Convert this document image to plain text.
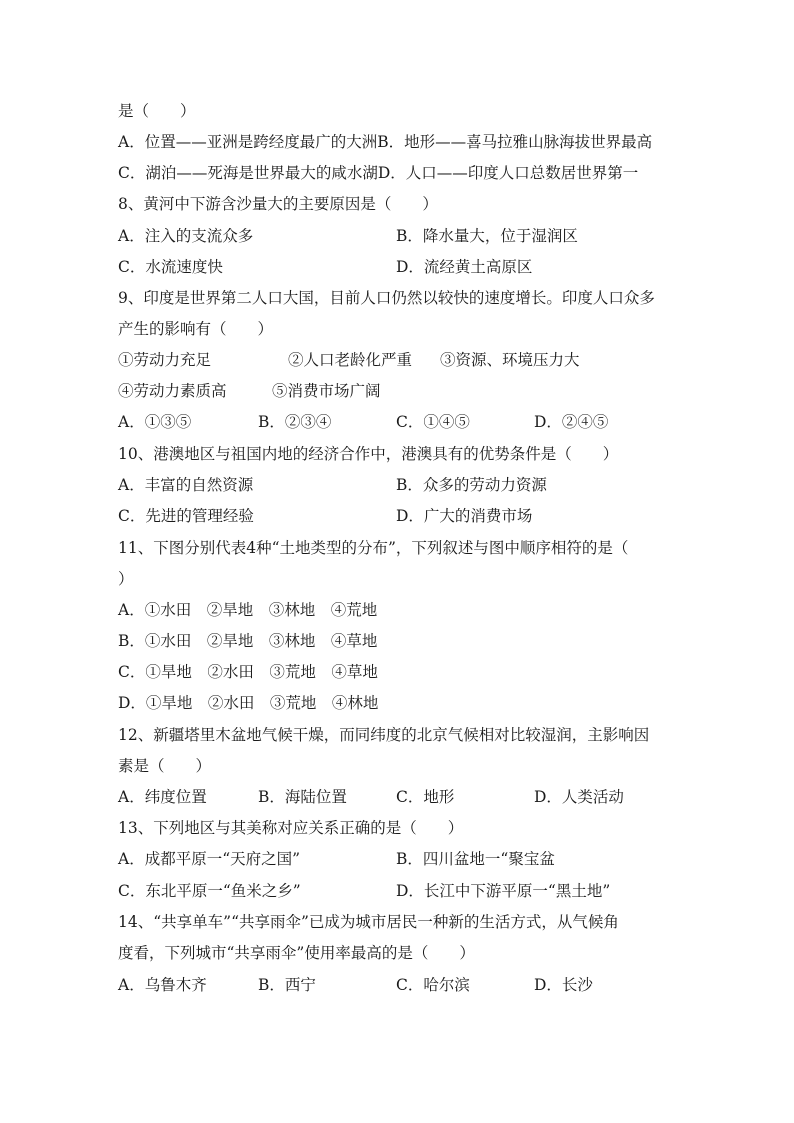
是（　　）
A．位置——亚洲是跨经度最广的大洲B．地形——喜马拉雅山脉海拔世界最高
C．湖泊——死海是世界最大的咸水湖D．人口——印度人口总数居世界第一
8、黄河中下游含沙量大的主要原因是（　　）
A．注入的支流众多	B．降水量大，位于湿润区
C．水流速度快	D．流经黄土高原区
9、印度是世界第二人口大国，目前人口仍然以较快的速度增长。印度人口众多
产生的影响有（　　）
①劳动力充足	②人口老龄化严重 ③资源、环境压力大
④劳动力素质高	⑤消费市场广阔
A．①③⑤	B．②③④	C．①④⑤	D．②④⑤
10、港澳地区与祖国内地的经济合作中，港澳具有的优势条件是（　　）
A．丰富的自然资源	B．众多的劳动力资源
C．先进的管理经验	D．广大的消费市场
11、下图分别代表4种“土地类型的分布”，下列叙述与图中顺序相符的是（
）
A．①水田　②旱地　③林地　④荒地
B．①水田　②旱地　③林地　④草地
C．①旱地　②水田　③荒地　④草地
D．①旱地　②水田　③荒地　④林地
12、新疆塔里木盆地气候干燥，而同纬度的北京气候相对比较湿润，主影响因
素是（　　）
A．纬度位置	B．海陆位置	C．地形	D．人类活动
13、下列地区与其美称对应关系正确的是（　　）
A．成都平原一“天府之国”	B．四川盆地一“聚宝盆
C．东北平原一“鱼米之乡”	D．长江中下游平原一“黑土地”
14、“共享单车”“共享雨伞”已成为城市居民一种新的生活方式，从气候角
度看，下列城市“共享雨伞”使用率最高的是（　　）
A．乌鲁木齐	B．西宁	C．哈尔滨	D．长沙
